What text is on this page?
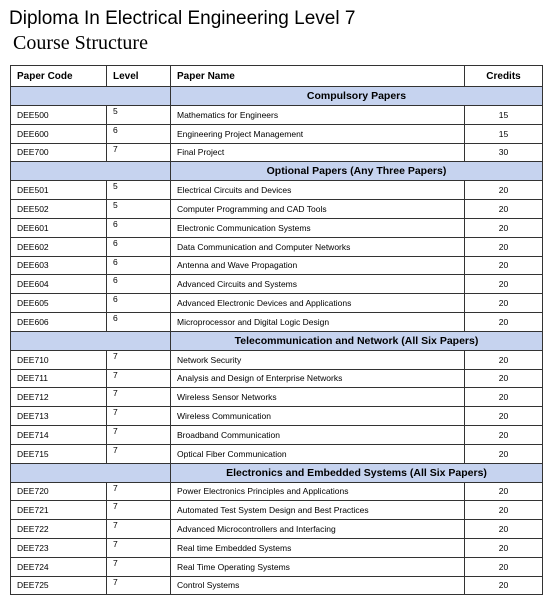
Diploma In Electrical Engineering Level 7
Course Structure
Paper Code	Level	Paper Name	Credits
		Compulsory Papers	
DEE500	5	Mathematics for Engineers	15
DEE600	6	Engineering Project Management	15
DEE700	7	Final Project	30
		Optional Papers (Any Three Papers)	
DEE501	5	Electrical Circuits and Devices	20
DEE502	5	Computer Programming and CAD Tools	20
DEE601	6	Electronic Communication Systems	20
DEE602	6	Data Communication and Computer Networks	20
DEE603	6	Antenna and Wave Propagation	20
DEE604	6	Advanced Circuits and Systems	20
DEE605	6	Advanced Electronic Devices and Applications	20
DEE606	6	Microprocessor and Digital Logic Design	20
		Telecommunication and Network (All Six Papers)	
DEE710	7	Network Security	20
DEE711	7	Analysis and Design of Enterprise Networks	20
DEE712	7	Wireless Sensor Networks	20
DEE713	7	Wireless Communication	20
DEE714	7	Broadband Communication	20
DEE715	7	Optical Fiber Communication	20
		Electronics and Embedded Systems (All Six Papers)	
DEE720	7	Power Electronics Principles and Applications	20
DEE721	7	Automated Test System Design and Best Practices	20
DEE722	7	Advanced Microcontrollers and Interfacing	20
DEE723	7	Real time Embedded Systems	20
DEE724	7	Real Time Operating Systems	20
DEE725	7	Control Systems	20
